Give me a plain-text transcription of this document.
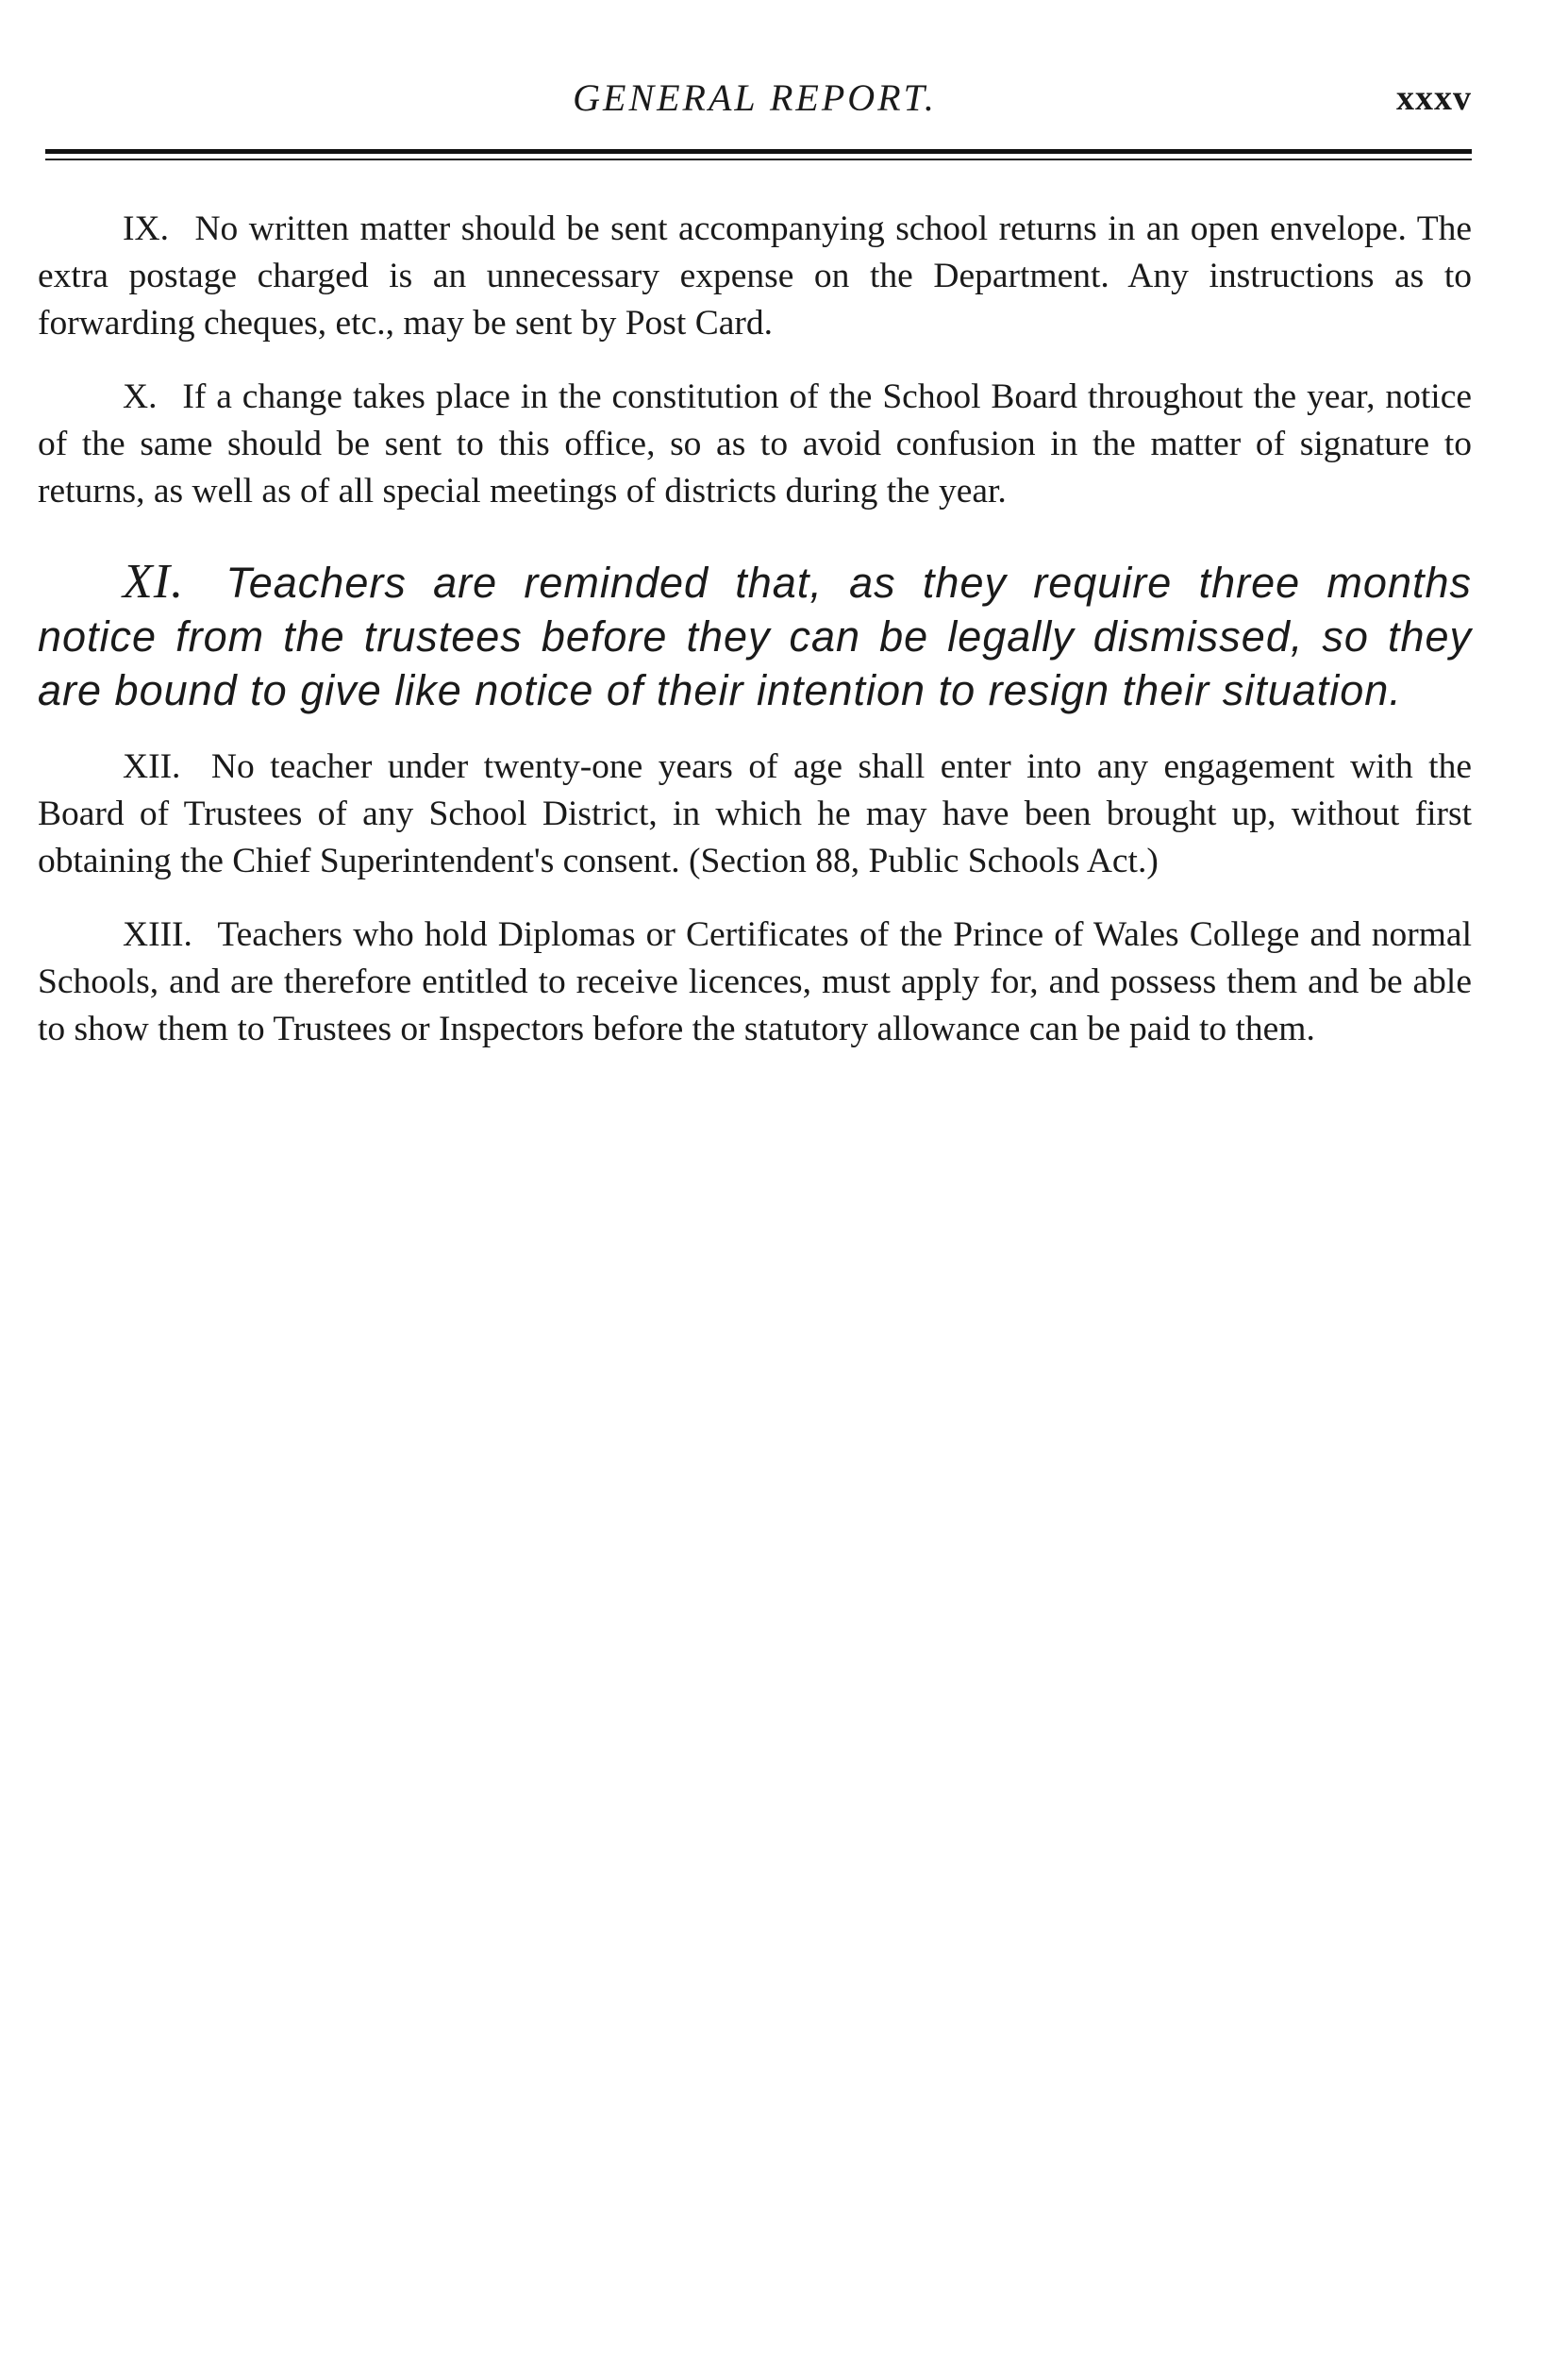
GENERAL REPORT.	xxxv

IX. No written matter should be sent accompanying school returns in an open envelope. The extra postage charged is an unnecessary expense on the Department. Any instructions as to forwarding cheques, etc., may be sent by Post Card.

X. If a change takes place in the constitution of the School Board throughout the year, notice of the same should be sent to this office, so as to avoid confusion in the matter of signature to returns, as well as of all special meetings of districts during the year.

XI. Teachers are reminded that, as they require three months notice from the trustees before they can be legally dismissed, so they are bound to give like notice of their intention to resign their situation.

XII. No teacher under twenty-one years of age shall enter into any engagement with the Board of Trustees of any School District, in which he may have been brought up, without first obtaining the Chief Superintendent's consent. (Section 88, Public Schools Act.)

XIII. Teachers who hold Diplomas or Certificates of the Prince of Wales College and normal Schools, and are therefore entitled to receive licences, must apply for, and possess them and be able to show them to Trustees or Inspectors before the statutory allowance can be paid to them.
